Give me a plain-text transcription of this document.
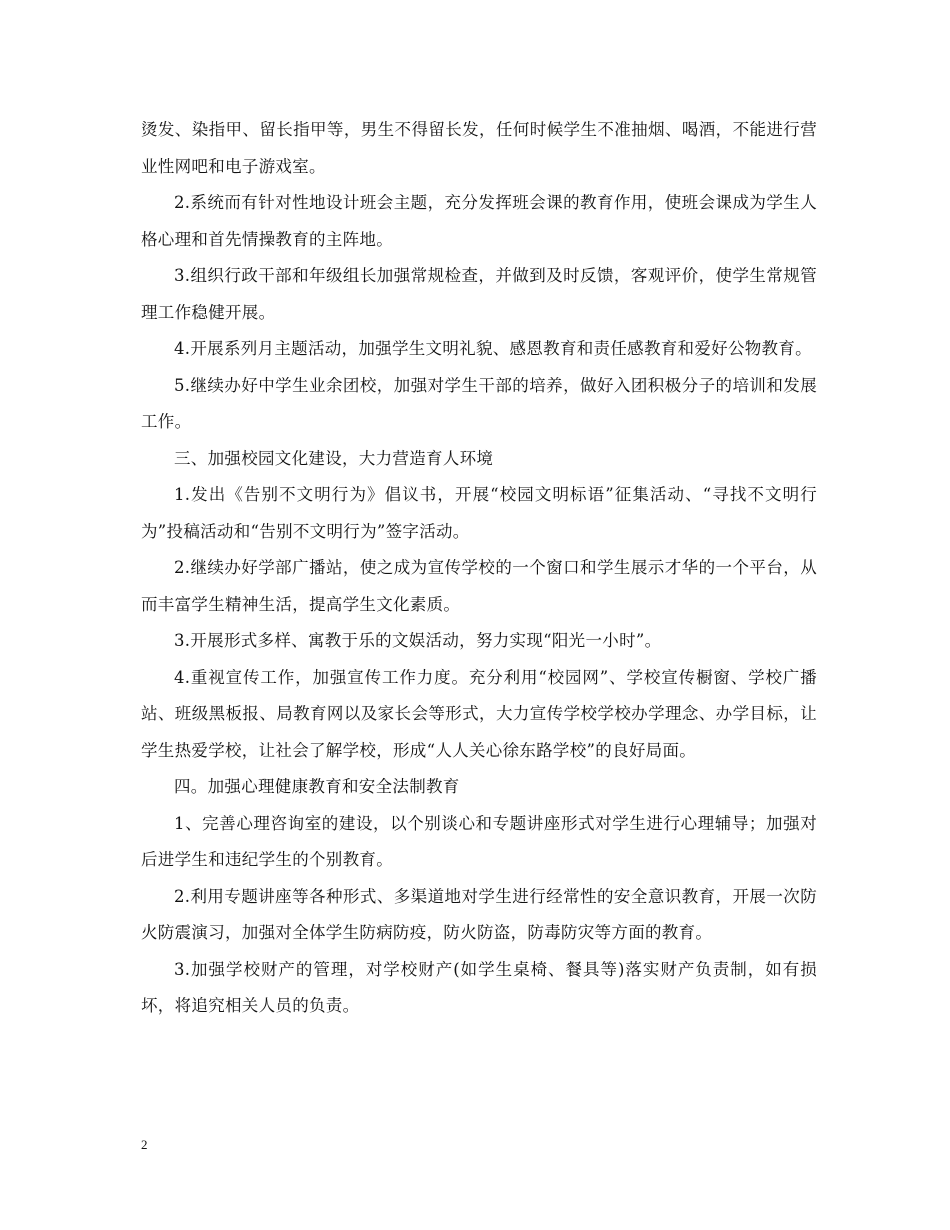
烫发、染指甲、留长指甲等，男生不得留长发，任何时候学生不准抽烟、喝酒，不能进行营业性网吧和电子游戏室。

2.系统而有针对性地设计班会主题，充分发挥班会课的教育作用，使班会课成为学生人格心理和首先情操教育的主阵地。

3.组织行政干部和年级组长加强常规检查，并做到及时反馈，客观评价，使学生常规管理工作稳健开展。

4.开展系列月主题活动，加强学生文明礼貌、感恩教育和责任感教育和爱好公物教育。

5.继续办好中学生业余团校，加强对学生干部的培养，做好入团积极分子的培训和发展工作。

三、加强校园文化建设，大力营造育人环境

1.发出《告别不文明行为》倡议书，开展“校园文明标语”征集活动、“寻找不文明行为”投稿活动和“告别不文明行为”签字活动。

2.继续办好学部广播站，使之成为宣传学校的一个窗口和学生展示才华的一个平台，从而丰富学生精神生活，提高学生文化素质。

3.开展形式多样、寓教于乐的文娱活动，努力实现“阳光一小时”。

4.重视宣传工作，加强宣传工作力度。充分利用“校园网”、学校宣传橱窗、学校广播站、班级黑板报、局教育网以及家长会等形式，大力宣传学校学校办学理念、办学目标，让学生热爱学校，让社会了解学校，形成“人人关心徐东路学校”的良好局面。

四。加强心理健康教育和安全法制教育

1、完善心理咨询室的建设，以个别谈心和专题讲座形式对学生进行心理辅导；加强对后进学生和违纪学生的个别教育。

2.利用专题讲座等各种形式、多渠道地对学生进行经常性的安全意识教育，开展一次防火防震演习，加强对全体学生防病防疫，防火防盗，防毒防灾等方面的教育。

3.加强学校财产的管理，对学校财产(如学生桌椅、餐具等)落实财产负责制，如有损坏，将追究相关人员的负责。

2
